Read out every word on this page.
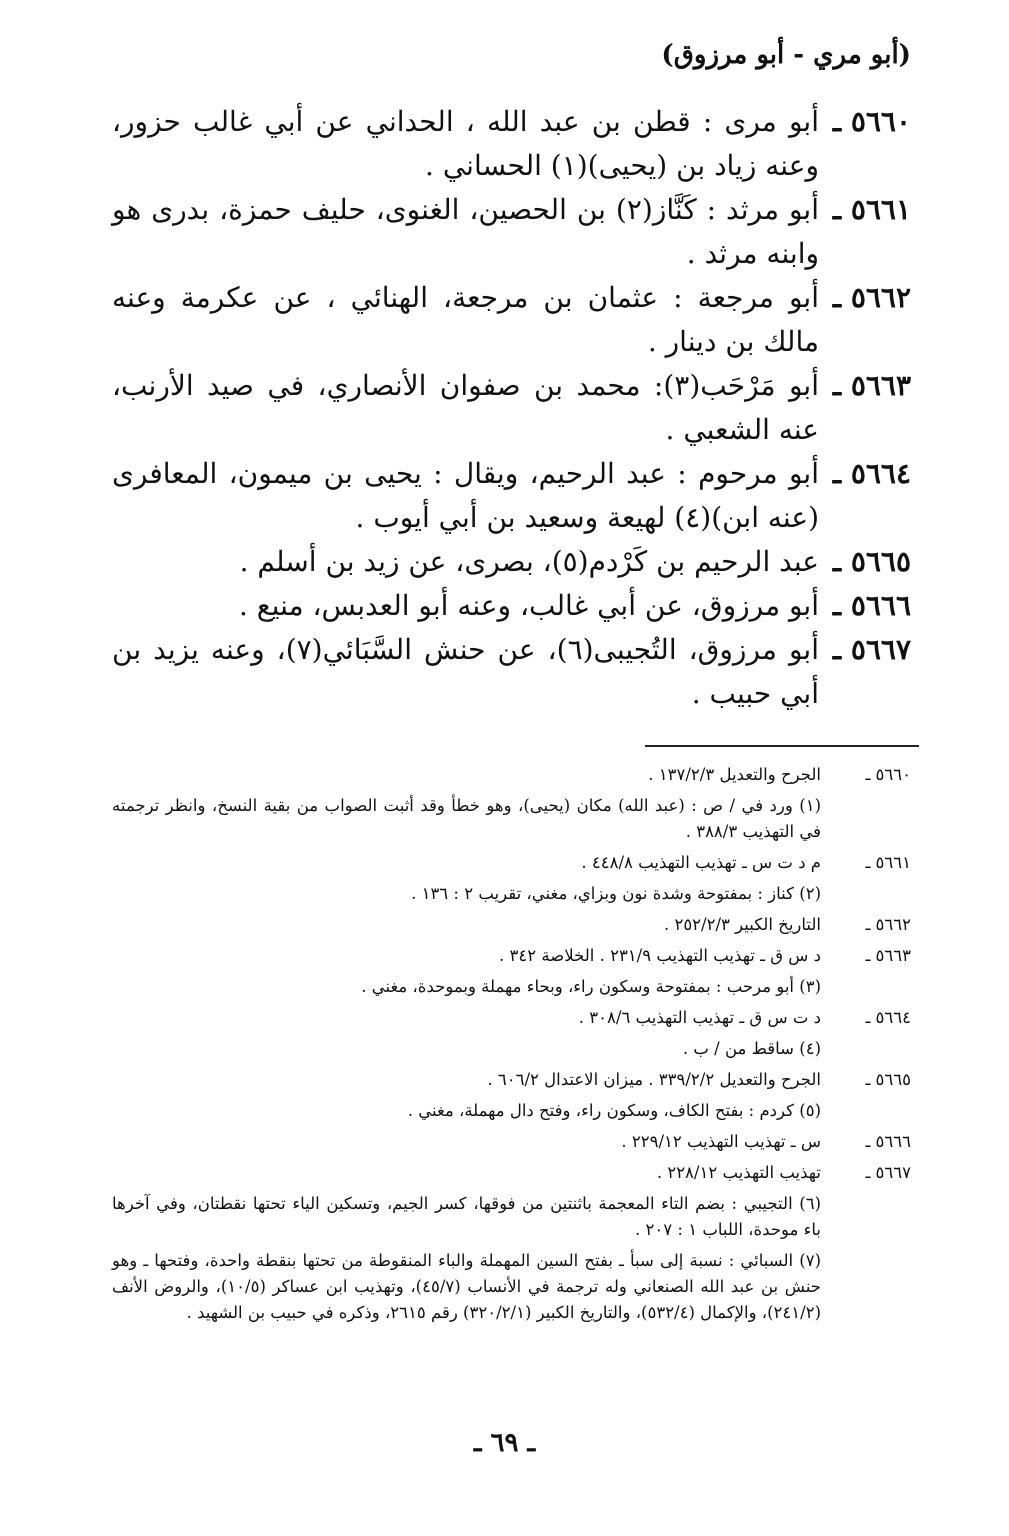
(أبو مري - أبو مرزوق)
٥٦٦٠ ـ
أبو مرى : قطن بن عبد الله ، الحداني عن أبي غالب حزور، وعنه زياد بن (يحيى)(١) الحساني .
٥٦٦١ ـ
أبو مرثد : كَنَّاز(٢) بن الحصين، الغنوى، حليف حمزة، بدرى هو وابنه مرثد .
٥٦٦٢ ـ
أبو مرجعة : عثمان بن مرجعة، الهنائي ، عن عكرمة وعنه مالك بن دينار .
٥٦٦٣ ـ
أبو مَرْحَب(٣): محمد بن صفوان الأنصاري، في صيد الأرنب، عنه الشعبي .
٥٦٦٤ ـ
أبو مرحوم : عبد الرحيم، ويقال : يحيى بن ميمون، المعافرى (عنه ابن)(٤) لهيعة وسعيد بن أبي أيوب .
٥٦٦٥ ـ
عبد الرحيم بن كَرْدم(٥)، بصرى، عن زيد بن أسلم .
٥٦٦٦ ـ
أبو مرزوق، عن أبي غالب، وعنه أبو العدبس، منيع .
٥٦٦٧ ـ
أبو مرزوق، التُجيبى(٦)، عن حنش السَّبَائي(٧)، وعنه يزيد بن أبي حبيب .
٥٦٦٠ ـ
الجرح والتعديل ١٣٧/٢/٣ .
(١) ورد في / ص : (عبد الله) مكان (يحيى)، وهو خطأ وقد أثبت الصواب من بقية النسخ، وانظر ترجمته في التهذيب ٣٨٨/٣ .
٥٦٦١ ـ
م د ت س ـ تهذيب التهذيب ٤٤٨/٨ .
(٢) كناز : بمفتوحة وشدة نون وبزاي، مغني، تقريب ٢ : ١٣٦ .
٥٦٦٢ ـ
التاريخ الكبير ٢٥٢/٢/٣ .
٥٦٦٣ ـ
د س ق ـ تهذيب التهذيب ٢٣١/٩ . الخلاصة ٣٤٢ .
(٣) أبو مرحب : بمفتوحة وسكون راء، وبحاء مهملة وبموحدة، مغني .
٥٦٦٤ ـ
د ت س ق ـ تهذيب التهذيب ٣٠٨/٦ .
(٤) ساقط من / ب .
٥٦٦٥ ـ
الجرح والتعديل ٣٣٩/٢/٢ . ميزان الاعتدال ٦٠٦/٢ .
(٥) كردم : بفتح الكاف، وسكون راء، وفتح دال مهملة، مغني .
٥٦٦٦ ـ
س ـ تهذيب التهذيب ٢٢٩/١٢ .
٥٦٦٧ ـ
تهذيب التهذيب ٢٢٨/١٢ .
(٦) التجيبي : بضم التاء المعجمة باثنتين من فوقها، كسر الجيم، وتسكين الياء تحتها نقطتان، وفي آخرها باء موحدة، اللباب ١ : ٢٠٧ .
(٧) السبائي : نسبة إلى سبأ ـ بفتح السين المهملة والباء المنقوطة من تحتها بنقطة واحدة، وفتحها ـ وهو حنش بن عبد الله الصنعاني وله ترجمة في الأنساب (٤٥/٧)، وتهذيب ابن عساكر (١٠/٥)، والروض الأنف (٢٤١/٢)، والإكمال (٥٣٢/٤)، والتاريخ الكبير (٣٢٠/٢/١) رقم ٢٦١٥، وذكره في حبيب بن الشهيد .
ـ ٦٩ ـ
